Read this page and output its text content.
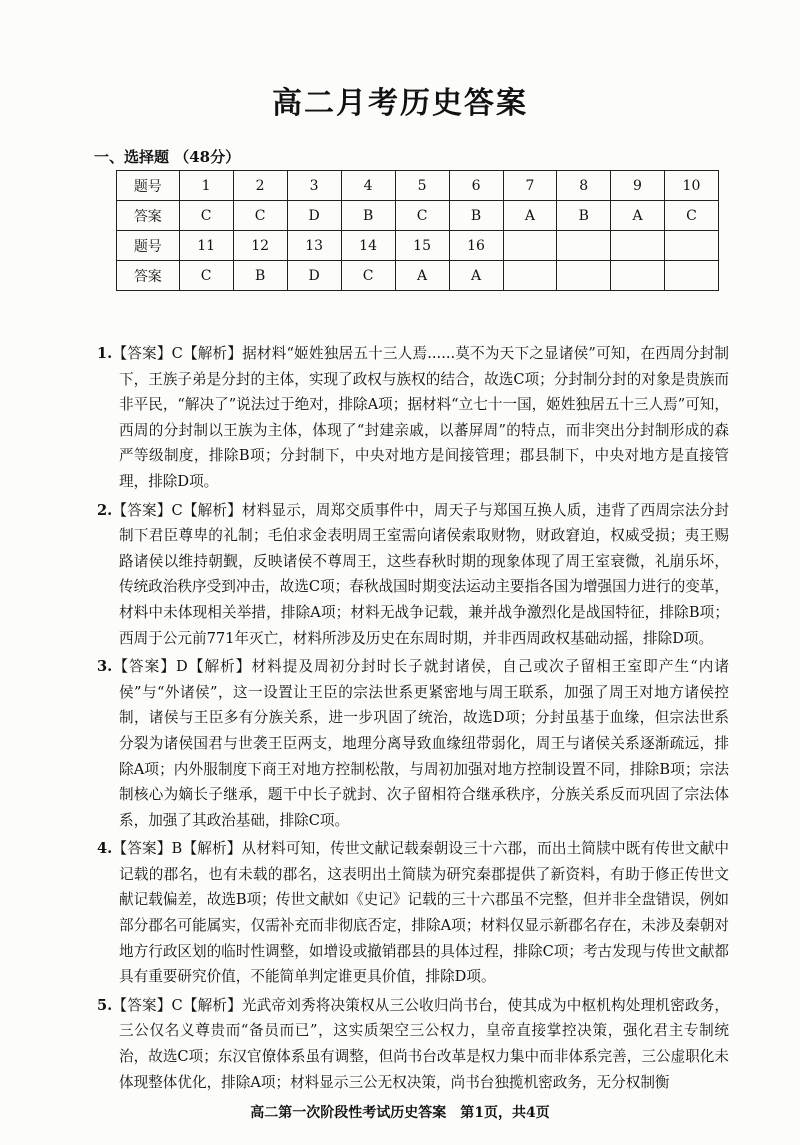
高二月考历史答案
一、选择题 （48分）
题号	1	2	3	4	5	6	7	8	9	10
答案	C	C	D	B	C	B	A	B	A	C
题号	11	12	13	14	15	16				
答案	C	B	D	C	A	A				
1.【答案】C【解析】据材料“姬姓独居五十三人焉......莫不为天下之显诸侯”可知，在西周分封制下，王族子弟是分封的主体，实现了政权与族权的结合，故选C项；分封制分封的对象是贵族而非平民，“解决了”说法过于绝对，排除A项；据材料“立七十一国，姬姓独居五十三人焉”可知，西周的分封制以王族为主体，体现了“封建亲戚，以蕃屏周”的特点，而非突出分封制形成的森严等级制度，排除B项；分封制下，中央对地方是间接管理；郡县制下，中央对地方是直接管理，排除D项。
2.【答案】C【解析】材料显示，周郑交质事件中，周天子与郑国互换人质，违背了西周宗法分封制下君臣尊卑的礼制；毛伯求金表明周王室需向诸侯索取财物，财政窘迫，权威受损；夷王赐路诸侯以维持朝觐，反映诸侯不尊周王，这些春秋时期的现象体现了周王室衰微，礼崩乐坏，传统政治秩序受到冲击，故选C项；春秋战国时期变法运动主要指各国为增强国力进行的变革，材料中未体现相关举措，排除A项；材料无战争记载，兼并战争激烈化是战国特征，排除B项；西周于公元前771年灭亡，材料所涉及历史在东周时期，并非西周政权基础动摇，排除D项。
3.【答案】D【解析】材料提及周初分封时长子就封诸侯，自己或次子留相王室即产生“内诸侯”与“外诸侯”，这一设置让王臣的宗法世系更紧密地与周王联系，加强了周王对地方诸侯控制，诸侯与王臣多有分族关系，进一步巩固了统治，故选D项；分封虽基于血缘，但宗法世系分裂为诸侯国君与世袭王臣两支，地理分离导致血缘纽带弱化，周王与诸侯关系逐渐疏远，排除A项；内外服制度下商王对地方控制松散，与周初加强对地方控制设置不同，排除B项；宗法制核心为嫡长子继承，题干中长子就封、次子留相符合继承秩序，分族关系反而巩固了宗法体系，加强了其政治基础，排除C项。
4.【答案】B【解析】从材料可知，传世文献记载秦朝设三十六郡，而出土简牍中既有传世文献中记载的郡名，也有未载的郡名，这表明出土简牍为研究秦郡提供了新资料，有助于修正传世文献记载偏差，故选B项；传世文献如《史记》记载的三十六郡虽不完整，但并非全盘错误，例如部分郡名可能属实，仅需补充而非彻底否定，排除A项；材料仅显示新郡名存在，未涉及秦朝对地方行政区划的临时性调整，如增设或撤销郡县的具体过程，排除C项；考古发现与传世文献都具有重要研究价值，不能简单判定谁更具价值，排除D项。
5.【答案】C【解析】光武帝刘秀将决策权从三公收归尚书台，使其成为中枢机构处理机密政务，三公仅名义尊贵而“备员而已”，这实质架空三公权力，皇帝直接掌控决策，强化君主专制统治，故选C项；东汉官僚体系虽有调整，但尚书台改革是权力集中而非体系完善，三公虚职化未体现整体优化，排除A项；材料显示三公无权决策，尚书台独揽机密政务，无分权制衡
高二第一次阶段性考试历史答案　第1页，共4页
